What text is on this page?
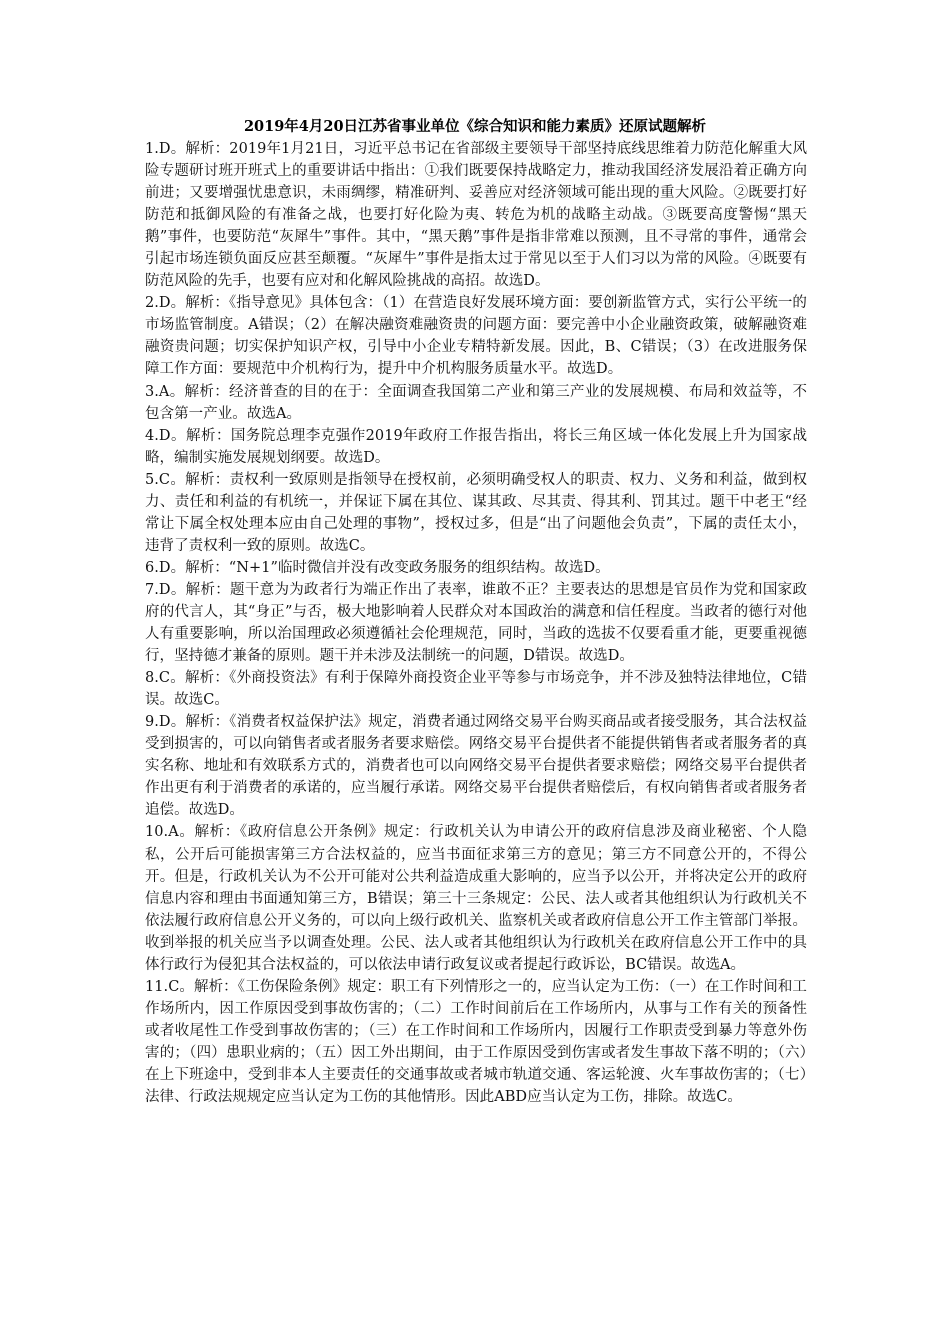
2019年4月20日江苏省事业单位《综合知识和能力素质》还原试题解析

1.D。解析：2019年1月21日，习近平总书记在省部级主要领导干部坚持底线思维着力防范化解重大风险专题研讨班开班式上的重要讲话中指出：①我们既要保持战略定力，推动我国经济发展沿着正确方向前进；又要增强忧患意识，未雨绸缪，精准研判、妥善应对经济领域可能出现的重大风险。②既要打好防范和抵御风险的有准备之战，也要打好化险为夷、转危为机的战略主动战。③既要高度警惕“黑天鹅”事件，也要防范“灰犀牛”事件。其中，“黑天鹅”事件是指非常难以预测，且不寻常的事件，通常会引起市场连锁负面反应甚至颠覆。“灰犀牛”事件是指太过于常见以至于人们习以为常的风险。④既要有防范风险的先手，也要有应对和化解风险挑战的高招。故选D。

2.D。解析：《指导意见》具体包含：（1）在营造良好发展环境方面：要创新监管方式，实行公平统一的市场监管制度。A错误；（2）在解决融资难融资贵的问题方面：要完善中小企业融资政策，破解融资难融资贵问题；切实保护知识产权，引导中小企业专精特新发展。因此，B、C错误；（3）在改进服务保障工作方面：要规范中介机构行为，提升中介机构服务质量水平。故选D。

3.A。解析：经济普查的目的在于：全面调查我国第二产业和第三产业的发展规模、布局和效益等，不包含第一产业。故选A。

4.D。解析：国务院总理李克强作2019年政府工作报告指出，将长三角区域一体化发展上升为国家战略，编制实施发展规划纲要。故选D。

5.C。解析：责权利一致原则是指领导在授权前，必须明确受权人的职责、权力、义务和利益，做到权力、责任和利益的有机统一，并保证下属在其位、谋其政、尽其责、得其利、罚其过。题干中老王“经常让下属全权处理本应由自己处理的事物”，授权过多，但是“出了问题他会负责”，下属的责任太小，违背了责权利一致的原则。故选C。

6.D。解析：“N+1”临时微信并没有改变政务服务的组织结构。故选D。

7.D。解析：题干意为为政者行为端正作出了表率，谁敢不正？主要表达的思想是官员作为党和国家政府的代言人，其“身正”与否，极大地影响着人民群众对本国政治的满意和信任程度。当政者的德行对他人有重要影响，所以治国理政必须遵循社会伦理规范，同时，当政的选拔不仅要看重才能，更要重视德行，坚持德才兼备的原则。题干并未涉及法制统一的问题，D错误。故选D。

8.C。解析：《外商投资法》有利于保障外商投资企业平等参与市场竞争，并不涉及独特法律地位，C错误。故选C。

9.D。解析：《消费者权益保护法》规定，消费者通过网络交易平台购买商品或者接受服务，其合法权益受到损害的，可以向销售者或者服务者要求赔偿。网络交易平台提供者不能提供销售者或者服务者的真实名称、地址和有效联系方式的，消费者也可以向网络交易平台提供者要求赔偿；网络交易平台提供者作出更有利于消费者的承诺的，应当履行承诺。网络交易平台提供者赔偿后，有权向销售者或者服务者追偿。故选D。

10.A。解析：《政府信息公开条例》规定：行政机关认为申请公开的政府信息涉及商业秘密、个人隐私，公开后可能损害第三方合法权益的，应当书面征求第三方的意见；第三方不同意公开的，不得公开。但是，行政机关认为不公开可能对公共利益造成重大影响的，应当予以公开，并将决定公开的政府信息内容和理由书面通知第三方，B错误；第三十三条规定：公民、法人或者其他组织认为行政机关不依法履行政府信息公开义务的，可以向上级行政机关、监察机关或者政府信息公开工作主管部门举报。收到举报的机关应当予以调查处理。公民、法人或者其他组织认为行政机关在政府信息公开工作中的具体行政行为侵犯其合法权益的，可以依法申请行政复议或者提起行政诉讼，BC错误。故选A。

11.C。解析：《工伤保险条例》规定：职工有下列情形之一的，应当认定为工伤：（一）在工作时间和工作场所内，因工作原因受到事故伤害的；（二）工作时间前后在工作场所内，从事与工作有关的预备性或者收尾性工作受到事故伤害的；（三）在工作时间和工作场所内，因履行工作职责受到暴力等意外伤害的；（四）患职业病的；（五）因工外出期间，由于工作原因受到伤害或者发生事故下落不明的；（六）在上下班途中，受到非本人主要责任的交通事故或者城市轨道交通、客运轮渡、火车事故伤害的；（七）法律、行政法规规定应当认定为工伤的其他情形。因此ABD应当认定为工伤，排除。故选C。
